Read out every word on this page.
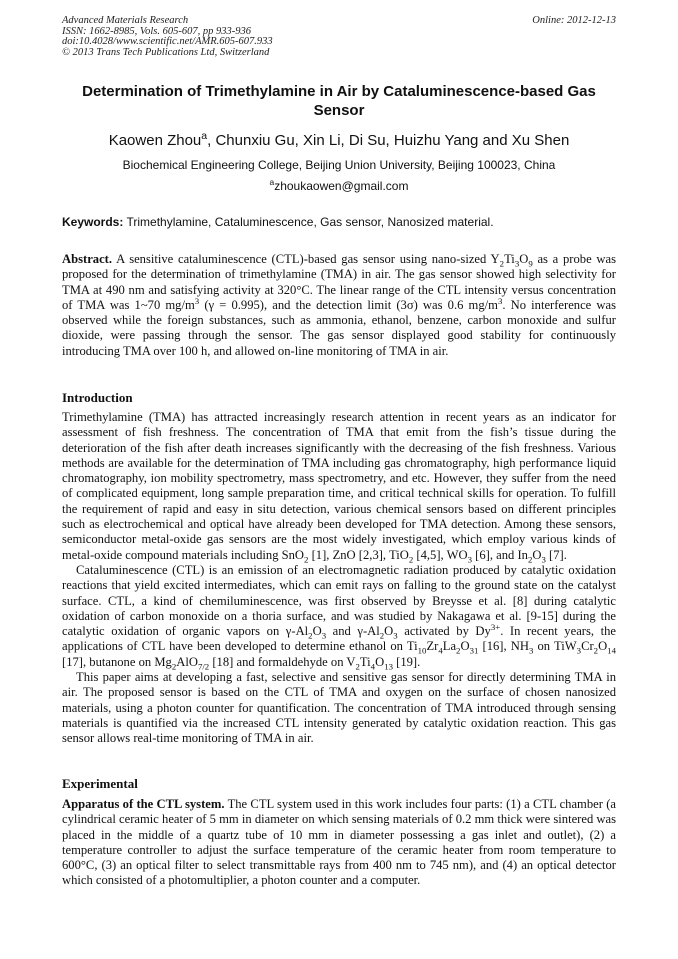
Advanced Materials Research
ISSN: 1662-8985, Vols. 605-607, pp 933-936
doi:10.4028/www.scientific.net/AMR.605-607.933
© 2013 Trans Tech Publications Ltd, Switzerland
Online: 2012-12-13
Determination of Trimethylamine in Air by Cataluminescence-based Gas Sensor
Kaowen Zhou$^a$, Chunxiu Gu, Xin Li, Di Su, Huizhu Yang and Xu Shen
Biochemical Engineering College, Beijing Union University, Beijing 100023, China
$^a$zhoukaowen@gmail.com
Keywords: Trimethylamine, Cataluminescence, Gas sensor, Nanosized material.

Abstract. A sensitive cataluminescence (CTL)-based gas sensor using nano-sized $Y_2Ti_3O_9$ as a probe was proposed for the determination of trimethylamine (TMA) in air. The gas sensor showed high selectivity for TMA at 490 nm and satisfying activity at 320°C. The linear range of the CTL intensity versus concentration of TMA was 1~70 $mg/m^3$ (γ = 0.995), and the detection limit (3σ) was 0.6 $mg/m^3$. No interference was observed while the foreign substances, such as ammonia, ethanol, benzene, carbon monoxide and sulfur dioxide, were passing through the sensor. The gas sensor displayed good stability for continuously introducing TMA over 100 h, and allowed on-line monitoring of TMA in air.

Introduction

Trimethylamine (TMA) has attracted increasingly research attention in recent years as an indicator for assessment of fish freshness. The concentration of TMA that emit from the fish’s tissue during the deterioration of the fish after death increases significantly with the decreasing of the fish freshness. Various methods are available for the determination of TMA including gas chromatography, high performance liquid chromatography, ion mobility spectrometry, mass spectrometry, and etc. However, they suffer from the need of complicated equipment, long sample preparation time, and critical technical skills for operation. To fulfill the requirement of rapid and easy in situ detection, various chemical sensors based on different principles such as electrochemical and optical have already been developed for TMA detection. Among these sensors, semiconductor metal-oxide gas sensors are the most widely investigated, which employ various kinds of metal-oxide compound materials including SnO$_2$ [1], ZnO [2,3], TiO$_2$ [4,5], $WO_3$ [6], and $In_2O_3$ [7].

Cataluminescence (CTL) is an emission of an electromagnetic radiation produced by catalytic oxidation reactions that yield excited intermediates, which can emit rays on falling to the ground state on the catalyst surface. CTL, a kind of chemiluminescence, was first observed by Breysse et al. [8] during catalytic oxidation of carbon monoxide on a thoria surface, and was studied by Nakagawa et al. [9-15] during the catalytic oxidation of organic vapors on $\gamma-Al_2O_3$ and $\gamma-Al_2O_3$ activated by $Dy^{3+}$. In recent years, the applications of CTL have been developed to determine ethanol on $Ti_{10}Zr_4La_2O_{31}$ [16], $NH_3$ on $TiW_3Cr_2O_{14}$ [17], butanone on $Mg_2AlO_{7/2}$ [18] and formaldehyde on $V_2Ti_4O_{13}$ [19].

This paper aims at developing a fast, selective and sensitive gas sensor for directly determining TMA in air. The proposed sensor is based on the CTL of TMA and oxygen on the surface of chosen nanosized materials, using a photon counter for quantification. The concentration of TMA introduced through sensing materials is quantified via the increased CTL intensity generated by catalytic oxidation reaction. This gas sensor allows real-time monitoring of TMA in air.

Experimental

Apparatus of the CTL system. The CTL system used in this work includes four parts: (1) a CTL chamber (a cylindrical ceramic heater of 5 mm in diameter on which sensing materials of 0.2 mm thick were sintered was placed in the middle of a quartz tube of 10 mm in diameter possessing a gas inlet and outlet), (2) a temperature controller to adjust the surface temperature of the ceramic heater from room temperature to 600°C, (3) an optical filter to select transmittable rays from 400 nm to 745 nm), and (4) an optical detector which consisted of a photomultiplier, a photon counter and a computer.
